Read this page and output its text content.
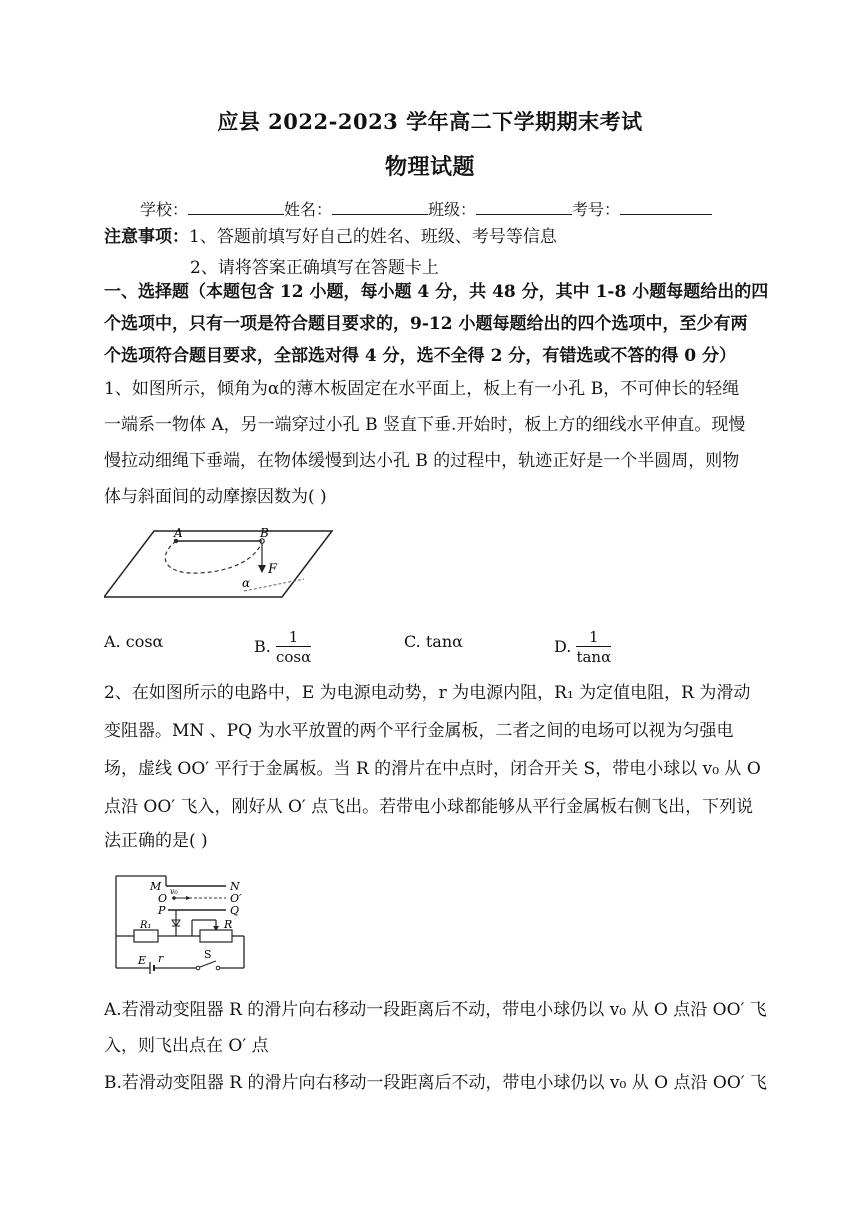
应县 2022-2023 学年高二下学期期末考试
物理试题
学校：	姓名：	班级：	考号：
注意事项：1、答题前填写好自己的姓名、班级、考号等信息
2、请将答案正确填写在答题卡上
一、选择题（本题包含 12 小题，每小题 4 分，共 48 分，其中 1-8 小题每题给出的四
个选项中，只有一项是符合题目要求的，9-12 小题每题给出的四个选项中，至少有两
个选项符合题目要求，全部选对得 4 分，选不全得 2 分，有错选或不答的得 0 分）
1、如图所示，倾角为α的薄木板固定在水平面上，板上有一小孔 B，不可伸长的轻绳
一端系一物体 A，另一端穿过小孔 B 竖直下垂.开始时，板上方的细线水平伸直。现慢
慢拉动细绳下垂端，在物体缓慢到达小孔 B 的过程中，轨迹正好是一个半圆周，则物
体与斜面间的动摩擦因数为( )
A	B
F
α
A. cosα	B. $\frac{1}{\cos\alpha}$	C. tanα	D. $\frac{1}{\tan\alpha}$
2、在如图所示的电路中，E 为电源电动势，r 为电源内阻，R₁ 为定值电阻，R 为滑动
变阻器。MN 、PQ 为水平放置的两个平行金属板，二者之间的电场可以视为匀强电
场，虚线 OO′ 平行于金属板。当 R 的滑片在中点时，闭合开关 S，带电小球以 v₀ 从 O
点沿 OO′ 飞入，刚好从 O′ 点飞出。若带电小球都能够从平行金属板右侧飞出，下列说
法正确的是( )
M v₀	N
O	O′
P	Q
R₁	R
E r	S
A.若滑动变阻器 R 的滑片向右移动一段距离后不动，带电小球仍以 v₀ 从 O 点沿 OO′ 飞
入，则飞出点在 O′ 点
B.若滑动变阻器 R 的滑片向右移动一段距离后不动，带电小球仍以 v₀ 从 O 点沿 OO′ 飞
